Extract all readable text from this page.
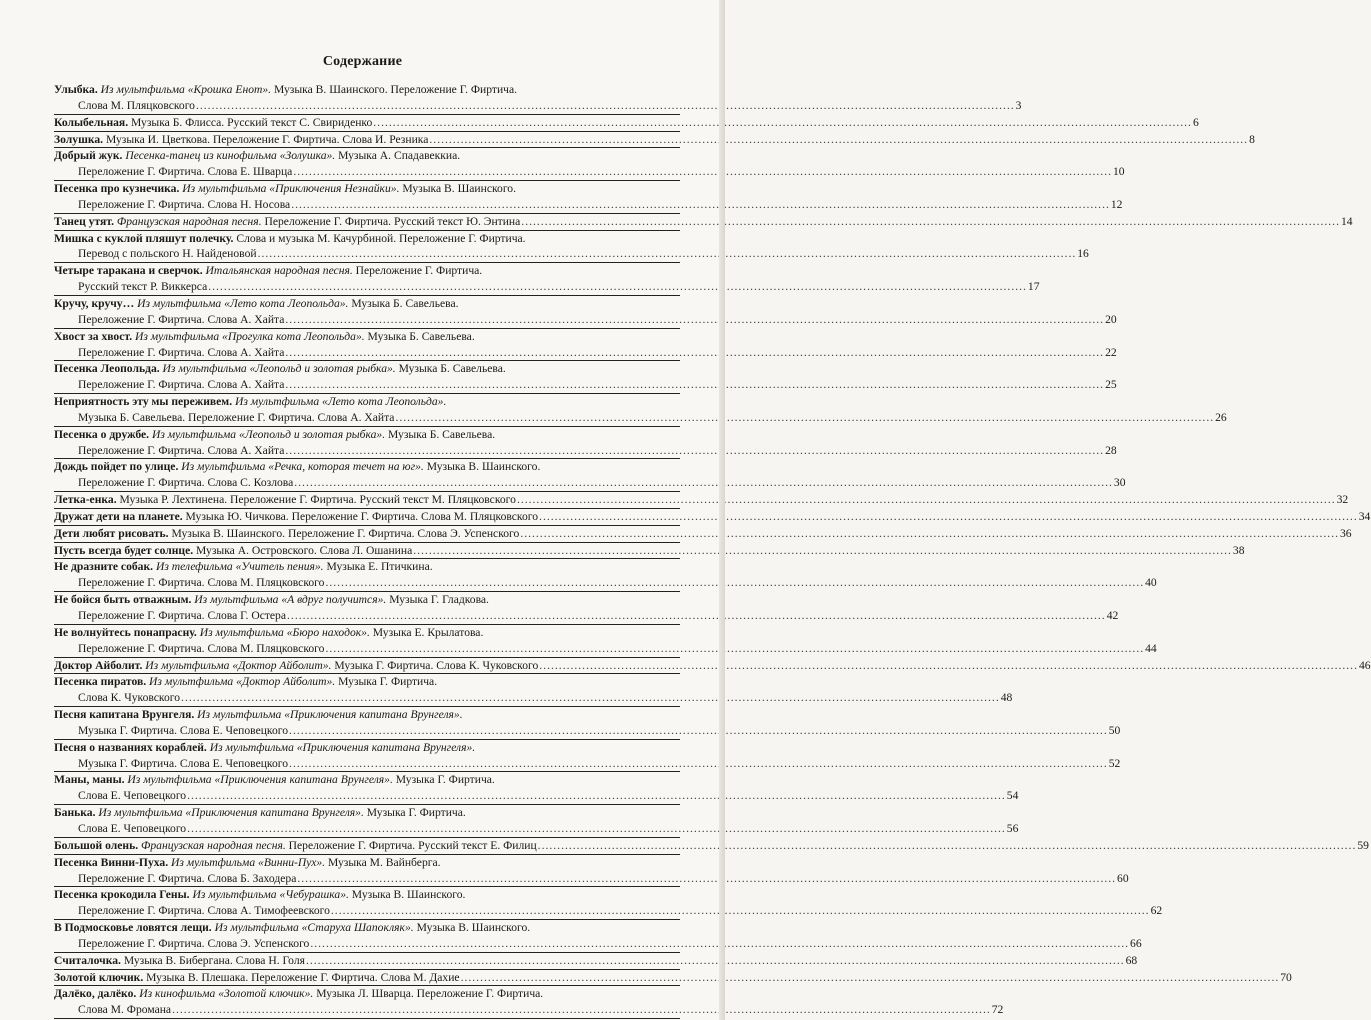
Содержание
Улыбка. Из мультфильма «Крошка Енот». Музыка В. Шаинского. Переложение Г. Фиртича.
Слова М. Пляцковского .....	3
Колыбельная. Музыка Б. Флисса. Русский текст С. Свириденко .....	6
Золушка. Музыка И. Цветкова. Переложение Г. Фиртича. Слова И. Резника .....	8
Добрый жук. Песенка-танец из кинофильма «Золушка». Музыка А. Спадавеккиа.
Переложение Г. Фиртича. Слова Е. Шварца .....	10
Песенка про кузнечика. Из мультфильма «Приключения Незнайки». Музыка В. Шаинского.
Переложение Г. Фиртича. Слова Н. Носова .....	12
Танец утят. Французская народная песня. Переложение Г. Фиртича. Русский текст Ю. Энтина .....	14
Мишка с куклой пляшут полечку. Слова и музыка М. Качурбиной. Переложение Г. Фиртича.
Перевод с польского Н. Найденовой .....	16
Четыре таракана и сверчок. Итальянская народная песня. Переложение Г. Фиртича.
Русский текст Р. Виккерса .....	17
Кручу, кручу… Из мультфильма «Лето кота Леопольда». Музыка Б. Савельева.
Переложение Г. Фиртича. Слова А. Хайта .....	20
Хвост за хвост. Из мультфильма «Прогулка кота Леопольда». Музыка Б. Савельева.
Переложение Г. Фиртича. Слова А. Хайта .....	22
Песенка Леопольда. Из мультфильма «Леопольд и золотая рыбка». Музыка Б. Савельева.
Переложение Г. Фиртича. Слова А. Хайта .....	25
Неприятность эту мы переживем. Из мультфильма «Лето кота Леопольда».
Музыка Б. Савельева. Переложение Г. Фиртича. Слова А. Хайта .....	26
Песенка о дружбе. Из мультфильма «Леопольд и золотая рыбка». Музыка Б. Савельева.
Переложение Г. Фиртича. Слова А. Хайта .....	28
Дождь пойдет по улице. Из мультфильма «Речка, которая течет на юг». Музыка В. Шаинского.
Переложение Г. Фиртича. Слова С. Козлова .....	30
Летка-енка. Музыка Р. Лехтинена. Переложение Г. Фиртича. Русский текст М. Пляцковского .....	32
Дружат дети на планете. Музыка Ю. Чичкова. Переложение Г. Фиртича. Слова М. Пляцковского .....	34
Дети любят рисовать. Музыка В. Шаинского. Переложение Г. Фиртича. Слова Э. Успенского .....	36
Пусть всегда будет солнце. Музыка А. Островского. Слова Л. Ошанина .....	38
Не дразните собак. Из телефильма «Учитель пения». Музыка Е. Птичкина.
Переложение Г. Фиртича. Слова М. Пляцковского .....	40
Не бойся быть отважным. Из мультфильма «А вдруг получится». Музыка Г. Гладкова.
Переложение Г. Фиртича. Слова Г. Остера .....	42
Не волнуйтесь понапрасну. Из мультфильма «Бюро находок». Музыка Е. Крылатова.
Переложение Г. Фиртича. Слова М. Пляцковского .....	44
Доктор Айболит. Из мультфильма «Доктор Айболит». Музыка Г. Фиртича. Слова К. Чуковского .....	46
Песенка пиратов. Из мультфильма «Доктор Айболит». Музыка Г. Фиртича.
Слова К. Чуковского .....	48
Песня капитана Врунгеля. Из мультфильма «Приключения капитана Врунгеля».
Музыка Г. Фиртича. Слова Е. Чеповецкого .....	50
Песня о названиях кораблей. Из мультфильма «Приключения капитана Врунгеля».
Музыка Г. Фиртича. Слова Е. Чеповецкого .....	52
Маны, маны. Из мультфильма «Приключения капитана Врунгеля». Музыка Г. Фиртича.
Слова Е. Чеповецкого .....	54
Банька. Из мультфильма «Приключения капитана Врунгеля». Музыка Г. Фиртича.
Слова Е. Чеповецкого .....	56
Большой олень. Французская народная песня. Переложение Г. Фиртича. Русский текст Е. Филиц .....	59
Песенка Винни-Пуха. Из мультфильма «Винни-Пух». Музыка М. Вайнберга.
Переложение Г. Фиртича. Слова Б. Заходера .....	60
Песенка крокодила Гены. Из мультфильма «Чебурашка». Музыка В. Шаинского.
Переложение Г. Фиртича. Слова А. Тимофеевского .....	62
В Подмосковье ловятся лещи. Из мультфильма «Старуха Шапокляк». Музыка В. Шаинского.
Переложение Г. Фиртича. Слова Э. Успенского .....	66
Считалочка. Музыка В. Бибергана. Слова Н. Голя .....	68
Золотой ключик. Музыка В. Плешака. Переложение Г. Фиртича. Слова М. Дахие .....	70
Далёко, далёко. Из кинофильма «Золотой ключик». Музыка Л. Шварца. Переложение Г. Фиртича.
Слова М. Фромана .....	72
